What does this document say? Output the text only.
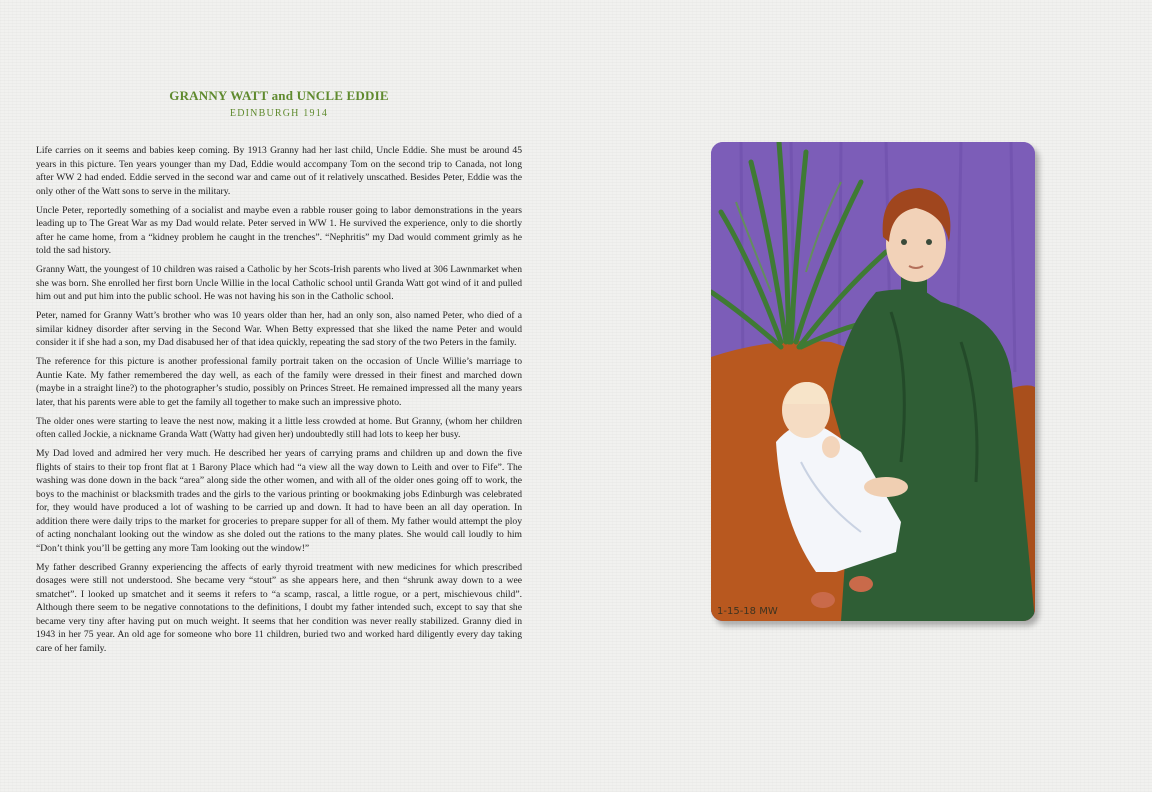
GRANNY WATT and UNCLE EDDIE
EDINBURGH 1914

Life carries on it seems and babies keep coming. By 1913 Granny had her last child, Uncle Eddie. She must be around 45 years in this picture. Ten years younger than my Dad, Eddie would accompany Tom on the second trip to Canada, not long after WW 2 had ended. Eddie served in the second war and came out of it relatively unscathed. Besides Peter, Eddie was the only other of the Watt sons to serve in the military.

Uncle Peter, reportedly something of a socialist and maybe even a rabble rouser going to labor demonstrations in the years leading up to The Great War as my Dad would relate. Peter served in WW 1. He survived the experience, only to die shortly after he came home, from a “kidney problem he caught in the trenches”. “Nephritis” my Dad would comment grimly as he told the sad history.

Granny Watt, the youngest of 10 children was raised a Catholic by her Scots-Irish parents who lived at 306 Lawnmarket when she was born. She enrolled her first born Uncle Willie in the local Catholic school until Granda Watt got wind of it and pulled him out and put him into the public school. He was not having his son in the Catholic school.

Peter, named for Granny Watt’s brother who was 10 years older than her, had an only son, also named Peter, who died of a similar kidney disorder after serving in the Second War. When Betty expressed that she liked the name Peter and would consider it if she had a son, my Dad disabused her of that idea quickly, repeating the sad story of the two Peters in the family.

The reference for this picture is another professional family portrait taken on the occasion of Uncle Willie’s marriage to Auntie Kate. My father remembered the day well, as each of the family were dressed in their finest and marched down (maybe in a straight line?) to the photographer’s studio, possibly on Princes Street. He remained impressed all the many years later, that his parents were able to get the family all together to make such an impressive photo.

The older ones were starting to leave the nest now, making it a little less crowded at home. But Granny, (whom her children often called Jockie, a nickname Granda Watt (Watty had given her) undoubtedly still had lots to keep her busy.

My Dad loved and admired her very much. He described her years of carrying prams and children up and down the five flights of stairs to their top front flat at 1 Barony Place which had “a view all the way down to Leith and over to Fife”. The washing was done down in the back “area” along side the other women, and with all of the older ones going off to work, the boys to the machinist or blacksmith trades and the girls to the various printing or bookmaking jobs Edinburgh was celebrated for, they would have produced a lot of washing to be carried up and down. It had to have been an all day operation. In addition there were daily trips to the market for groceries to prepare supper for all of them. My father would attempt the ploy of acting nonchalant looking out the window as she doled out the rations to the many plates. She would call loudly to him “Don’t think you’ll be getting any more Tam looking out the window!”

My father described Granny experiencing the affects of early thyroid treatment with new medicines for which prescribed dosages were still not understood. She became very “stout” as she appears here, and then “shrunk away down to a wee smatchet”. I looked up smatchet and it seems it refers to “a scamp, rascal, a little rogue, or a pert, mischievous child”. Although there seem to be negative connotations to the definitions, I doubt my father intended such, except to say that she became very tiny after having put on much weight. It seems that her condition was never really stabilized. Granny died in 1943 in her 75 year. An old age for someone who bore 11 children, buried two and worked hard diligently every day taking care of her family.

1-15-18 MW
